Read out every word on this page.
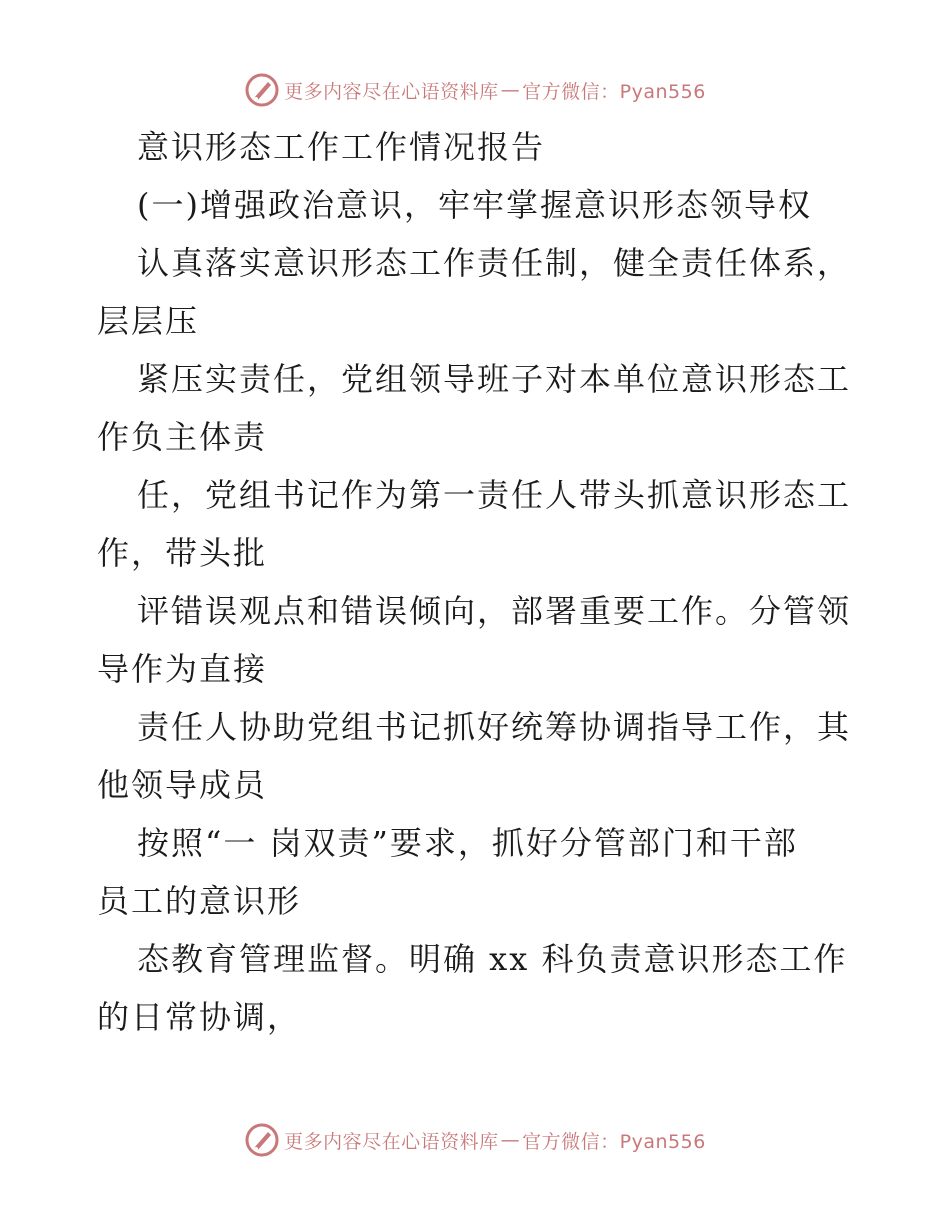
更多内容尽在心语资料库 — 官方微信：Pyan556
意识形态工作工作情况报告
(一)增强政治意识，牢牢掌握意识形态领导权
认真落实意识形态工作责任制，健全责任体系，
层层压
紧压实责任，党组领导班子对本单位意识形态工
作负主体责
任，党组书记作为第一责任人带头抓意识形态工
作，带头批
评错误观点和错误倾向，部署重要工作。分管领
导作为直接
责任人协助党组书记抓好统筹协调指导工作，其
他领导成员
按照“一 岗双责”要求，抓好分管部门和干部
员工的意识形
态教育管理监督。明确 xx 科负责意识形态工作
的日常协调，
更多内容尽在心语资料库 — 官方微信：Pyan556
